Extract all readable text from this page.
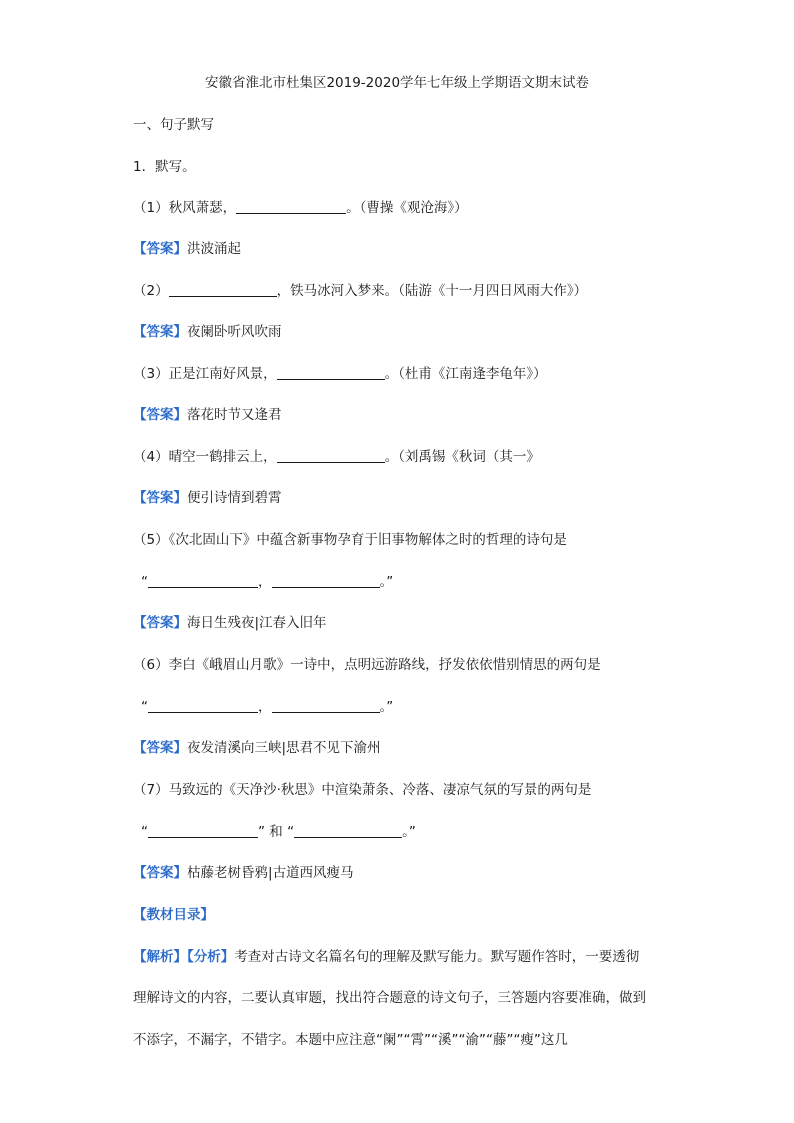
安徽省淮北市杜集区2019-2020学年七年级上学期语文期末试卷
一、句子默写
1．默写。
（1）秋风萧瑟，	。（曹操《观沧海》）
【答案】洪波涌起
（2）	，铁马冰河入梦来。（陆游《十一月四日风雨大作》）
【答案】夜阑卧听风吹雨
（3）正是江南好风景，	。（杜甫《江南逢李龟年》）
【答案】落花时节又逢君
（4）晴空一鹤排云上，	。（刘禹锡《秋词（其一》
【答案】便引诗情到碧霄
（5）《次北固山下》中蕴含新事物孕育于旧事物解体之时的哲理的诗句是
“	，	。”
【答案】海日生残夜|江春入旧年
（6）李白《峨眉山月歌》一诗中，点明远游路线，抒发依依惜别情思的两句是
“	，	。”
【答案】夜发清溪向三峡|思君不见下渝州
（7）马致远的《天净沙·秋思》中渲染萧条、冷落、凄凉气氛的写景的两句是
“	” 和 “	。”
【答案】枯藤老树昏鸦|古道西风瘦马
【教材目录】
【解析】【分析】考查对古诗文名篇名句的理解及默写能力。默写题作答时，一要透彻
理解诗文的内容，二要认真审题，找出符合题意的诗文句子，三答题内容要准确，做到
不添字，不漏字，不错字。本题中应注意“阑”“霄”“溪”“渝”“藤”“瘦”这几
